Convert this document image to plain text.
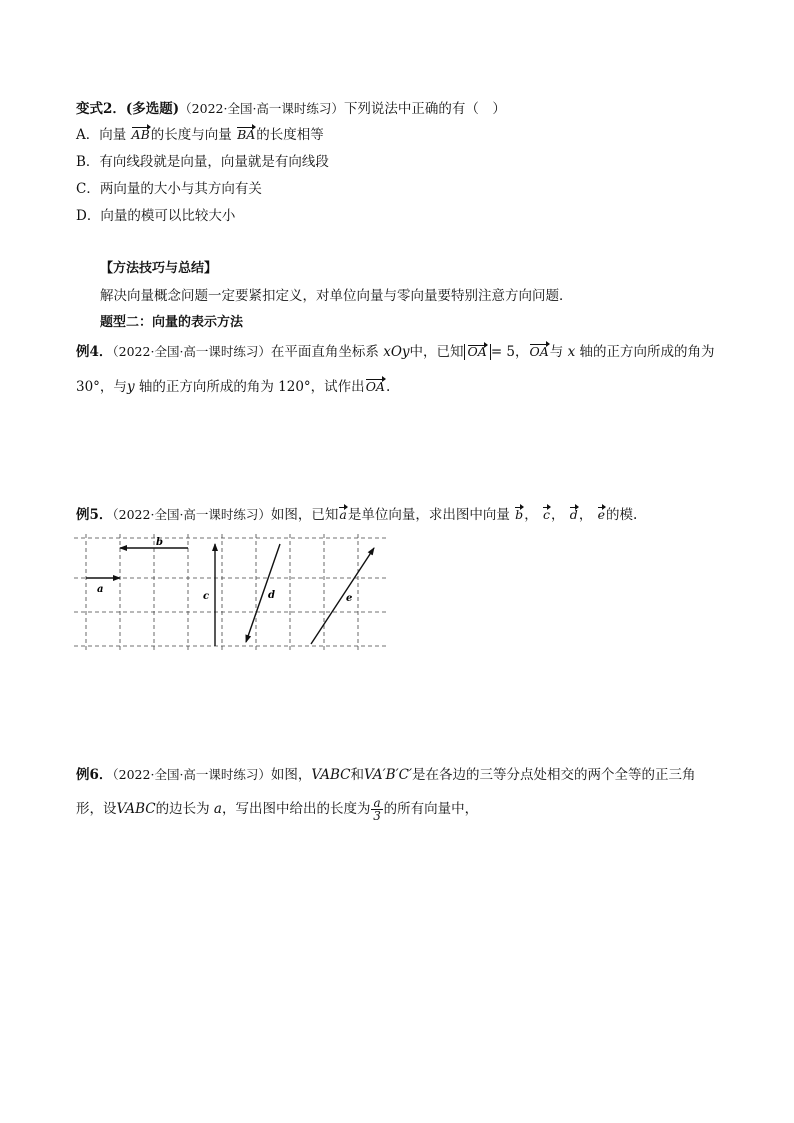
变式2．(多选题)（2022·全国·高一课时练习）下列说法中正确的有（　）
A．向量 AB的长度与向量 BA的长度相等
B．有向线段就是向量，向量就是有向线段
C．两向量的大小与其方向有关
D．向量的模可以比较大小
【方法技巧与总结】
解决向量概念问题一定要紧扣定义，对单位向量与零向量要特别注意方向问题．
题型二：向量的表示方法
例4．（2022·全国·高一课时练习）在平面直角坐标系 xOy中，已知 OA = 5，OA与 x 轴的正方向所成的角为
30°，与y 轴的正方向所成的角为 120°，试作出OA.
例5．（2022·全国·高一课时练习）如图，已知a是单位向量，求出图中向量 b， c， d， e的模.
a
b
c	d	e
例6．（2022·全国·高一课时练习）如图，VABC和VA′B′C′是在各边的三等分点处相交的两个全等的正三角
形，设VABC的边长为 a，写出图中给出的长度为 $\frac{a}{3}$ 的所有向量中，
